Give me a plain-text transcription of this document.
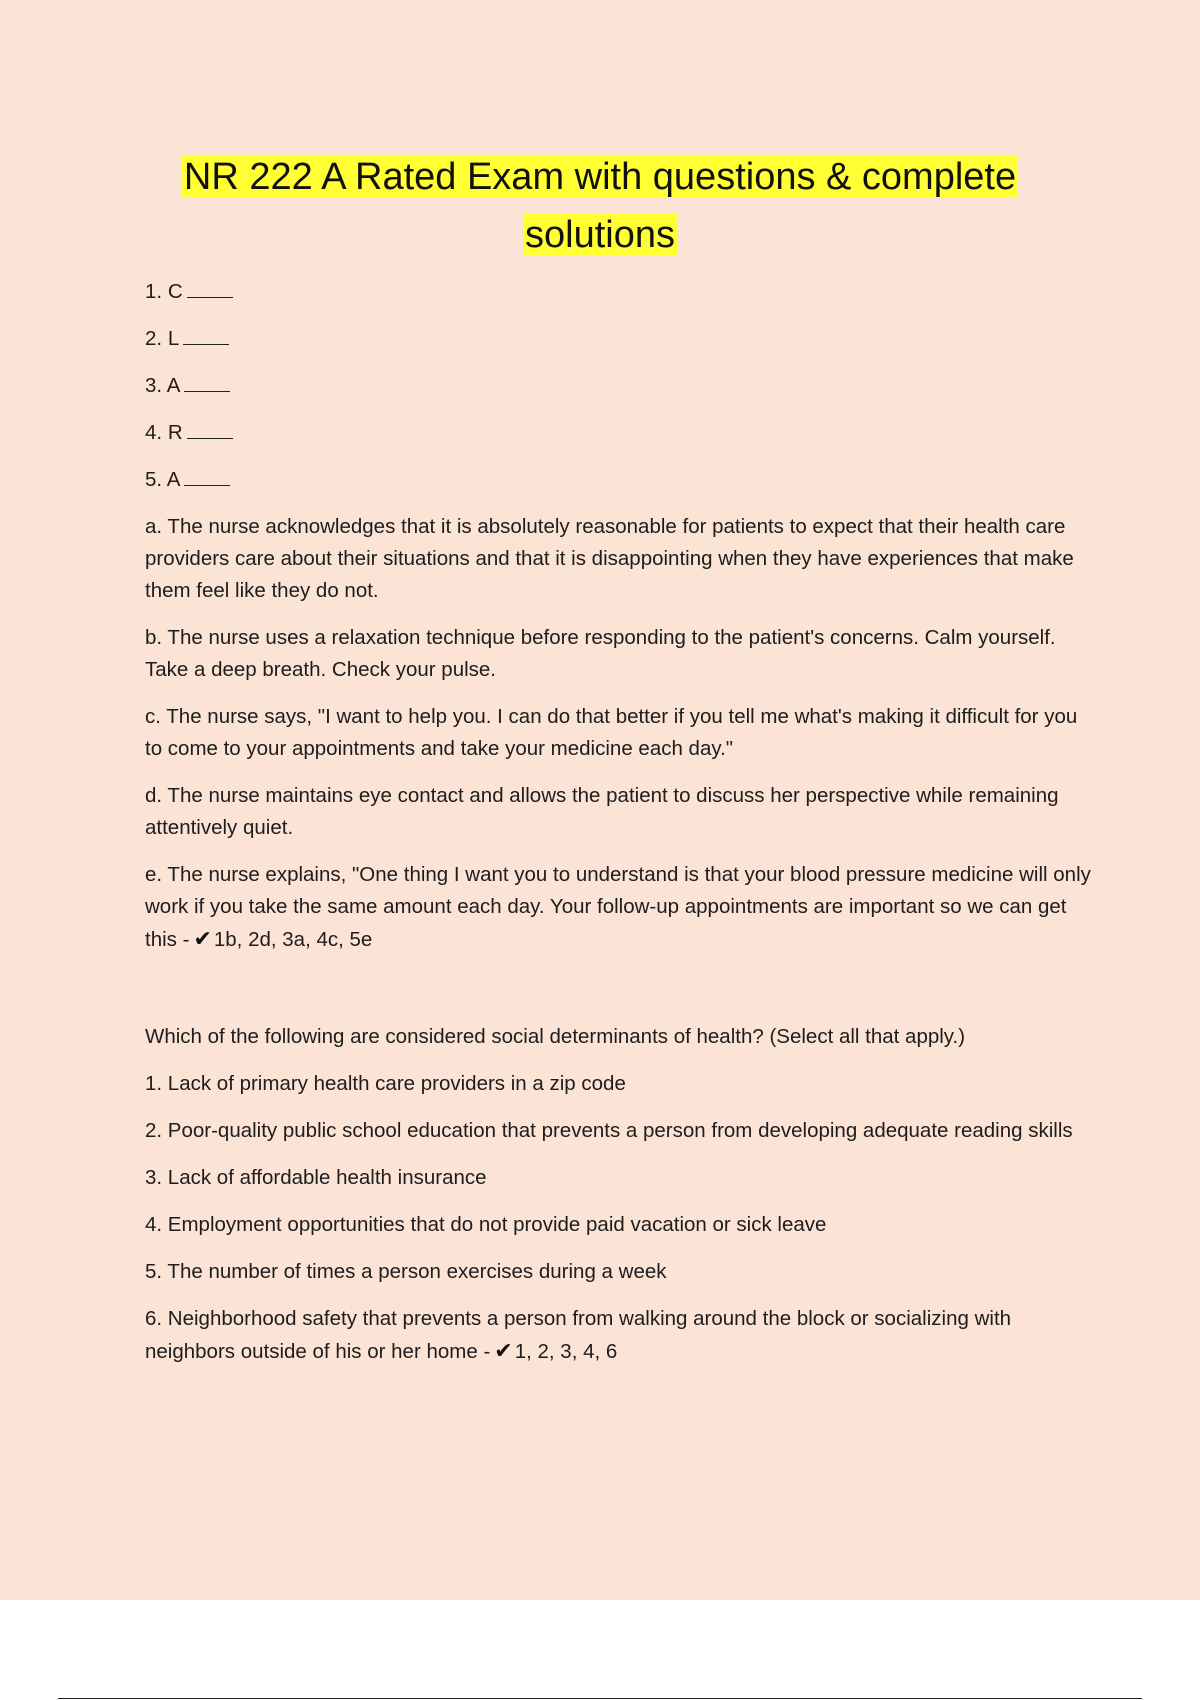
NR 222 A Rated Exam with questions & complete
solutions

1. C

2. L

3. A

4. R

5. A

a. The nurse acknowledges that it is absolutely reasonable for patients to expect that their health care providers care about their situations and that it is disappointing when they have experiences that make them feel like they do not.

b. The nurse uses a relaxation technique before responding to the patient's concerns. Calm yourself. Take a deep breath. Check your pulse.

c. The nurse says, "I want to help you. I can do that better if you tell me what's making it difficult for you to come to your appointments and take your medicine each day."

d. The nurse maintains eye contact and allows the patient to discuss her perspective while remaining attentively quiet.

e. The nurse explains, "One thing I want you to understand is that your blood pressure medicine will only work if you take the same amount each day. Your follow-up appointments are important so we can get this - ✔1b, 2d, 3a, 4c, 5e

Which of the following are considered social determinants of health? (Select all that apply.)

1. Lack of primary health care providers in a zip code

2. Poor-quality public school education that prevents a person from developing adequate reading skills

3. Lack of affordable health insurance

4. Employment opportunities that do not provide paid vacation or sick leave

5. The number of times a person exercises during a week

6. Neighborhood safety that prevents a person from walking around the block or socializing with neighbors outside of his or her home - ✔1, 2, 3, 4, 6
